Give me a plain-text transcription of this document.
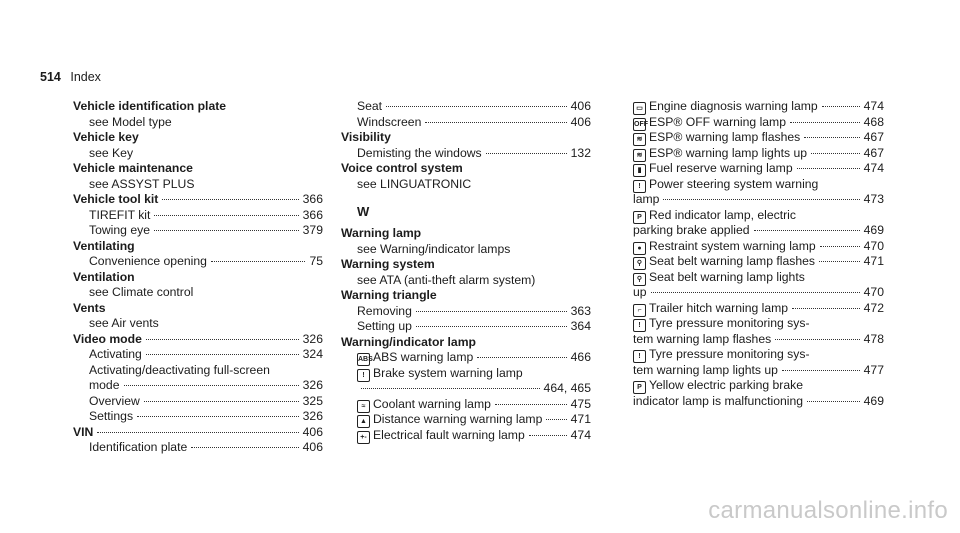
514 Index
Vehicle identification plate
see Model type
Vehicle key
see Key
Vehicle maintenance
see ASSYST PLUS
Vehicle tool kit	366
TIREFIT kit	366
Towing eye	379
Ventilating
Convenience opening	75
Ventilation
see Climate control
Vents
see Air vents
Video mode	326
Activating	324
Activating/deactivating full-screen
mode	326
Overview	325
Settings	326
VIN	406
Identification plate	406
Seat	406
Windscreen	406
Visibility
Demisting the windows	132
Voice control system
see LINGUATRONIC
W
Warning lamp
see Warning/indicator lamps
Warning system
see ATA (anti-theft alarm system)
Warning triangle
Removing	363
Setting up	364
Warning/indicator lamp
ABS ABS warning lamp	466
! Brake system warning lamp
464, 465
≈ Coolant warning lamp	475
▲ Distance warning warning lamp 471
+- Electrical fault warning lamp	474
▭ Engine diagnosis warning lamp	474
OFF ESP® OFF warning lamp	468
≋ ESP® warning lamp flashes	467
≋ ESP® warning lamp lights up	467
▮ Fuel reserve warning lamp	474
! Power steering system warning
lamp	473
P Red indicator lamp, electric
parking brake applied	469
● Restraint system warning lamp	470
⚲ Seat belt warning lamp flashes	471
⚲ Seat belt warning lamp lights
up	470
⌐ Trailer hitch warning lamp	472
! Tyre pressure monitoring sys-
tem warning lamp flashes	478
! Tyre pressure monitoring sys-
tem warning lamp lights up	477
P Yellow electric parking brake
indicator lamp is malfunctioning	469
carmanualsonline.info
